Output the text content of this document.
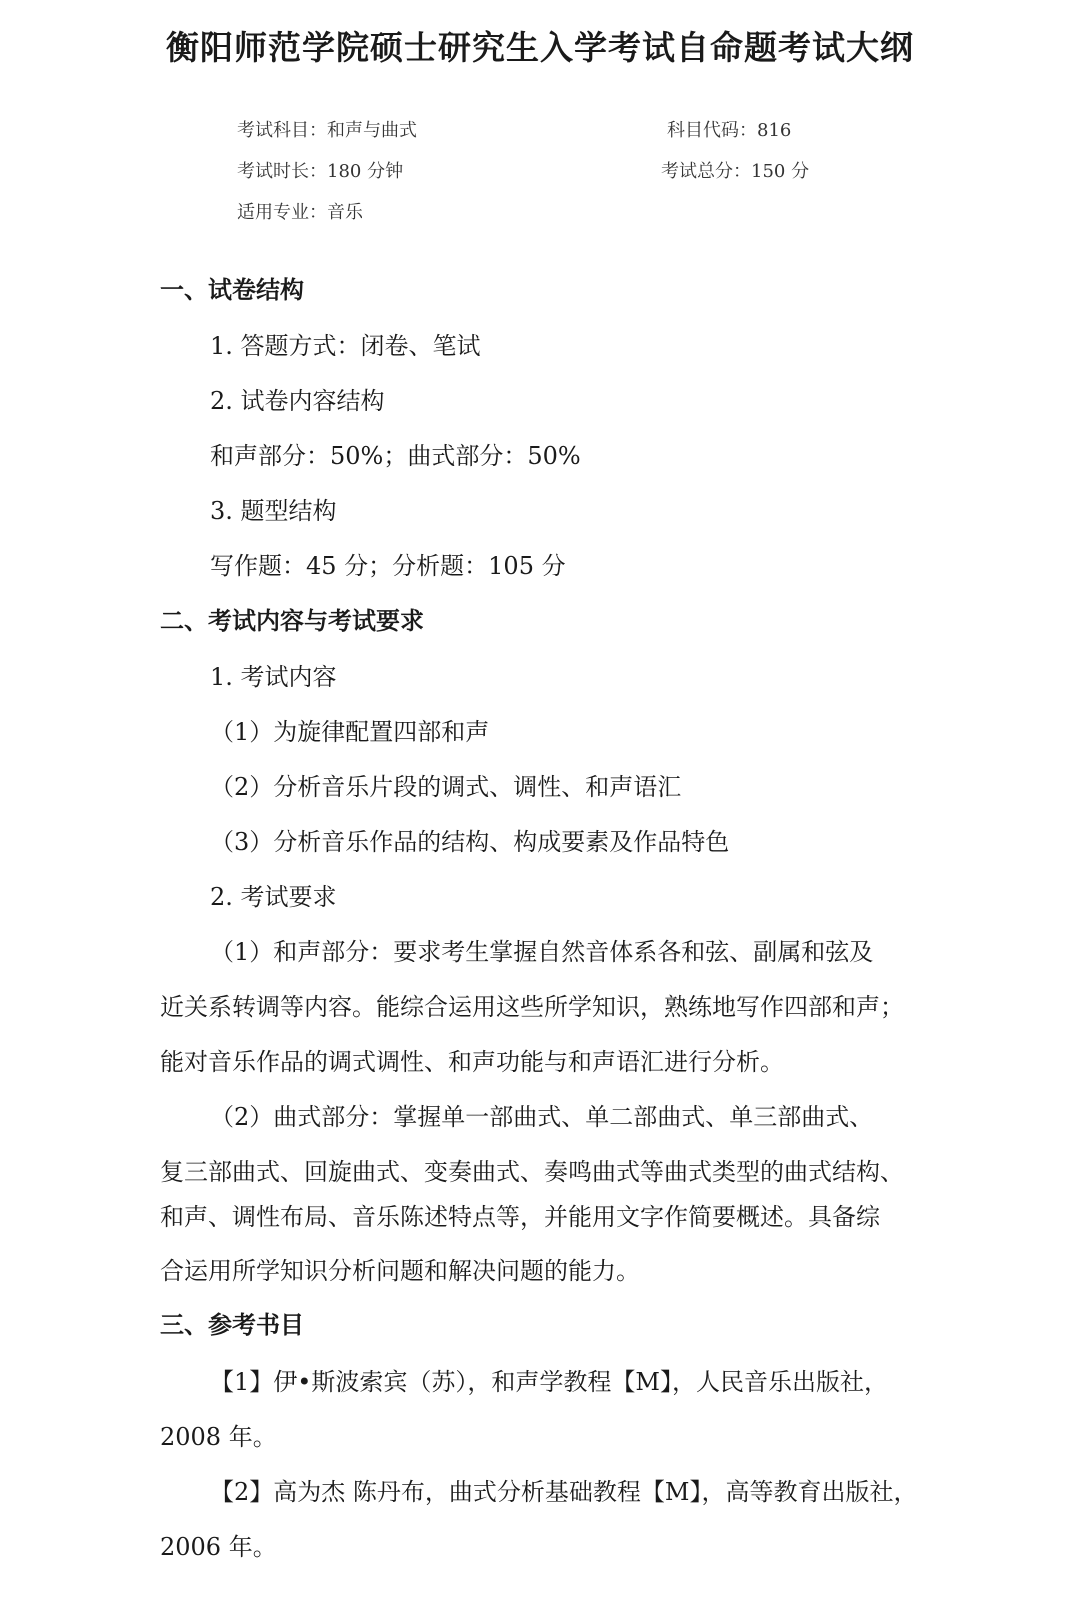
衡阳师范学院硕士研究生入学考试自命题考试大纲
考试科目：和声与曲式	科目代码：816
考试时长：180 分钟	考试总分：150 分
适用专业：音乐
一、试卷结构
1. 答题方式：闭卷、笔试
2. 试卷内容结构
和声部分：50%；曲式部分：50%
3. 题型结构
写作题：45 分；分析题：105 分
二、考试内容与考试要求
1. 考试内容
（1）为旋律配置四部和声
（2）分析音乐片段的调式、调性、和声语汇
（3）分析音乐作品的结构、构成要素及作品特色
2. 考试要求
（1）和声部分：要求考生掌握自然音体系各和弦、副属和弦及
近关系转调等内容。能综合运用这些所学知识，熟练地写作四部和声；
能对音乐作品的调式调性、和声功能与和声语汇进行分析。
（2）曲式部分：掌握单一部曲式、单二部曲式、单三部曲式、
复三部曲式、回旋曲式、变奏曲式、奏鸣曲式等曲式类型的曲式结构、
和声、调性布局、音乐陈述特点等，并能用文字作简要概述。具备综
合运用所学知识分析问题和解决问题的能力。
三、参考书目
【1】伊•斯波索宾（苏），和声学教程【M】，人民音乐出版社，
2008 年。
【2】高为杰 陈丹布，曲式分析基础教程【M】，高等教育出版社，
2006 年。
